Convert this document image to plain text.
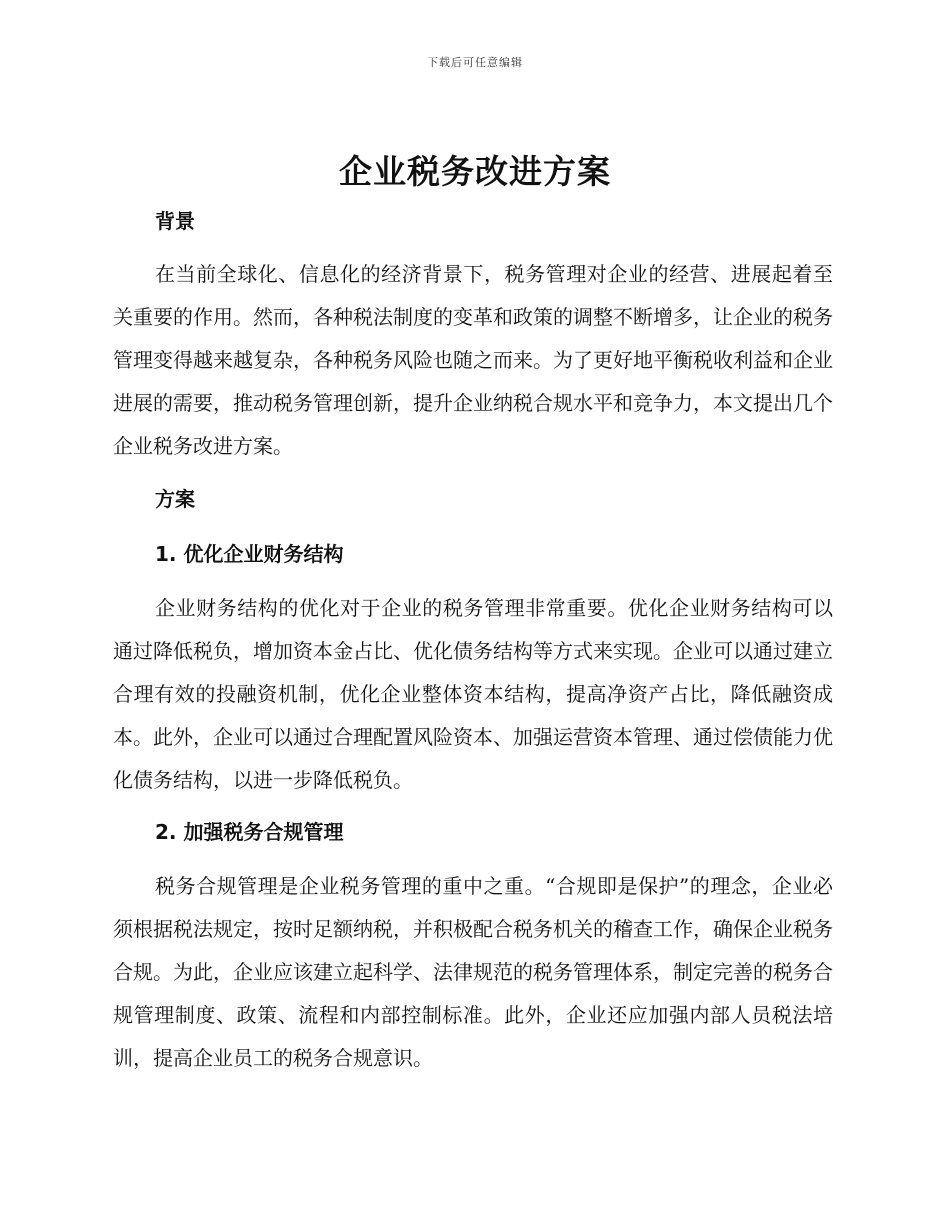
下载后可任意编辑
企业税务改进方案
背景

在当前全球化、信息化的经济背景下，税务管理对企业的经营、进展起着至关重要的作用。然而，各种税法制度的变革和政策的调整不断增多，让企业的税务管理变得越来越复杂，各种税务风险也随之而来。为了更好地平衡税收利益和企业进展的需要，推动税务管理创新，提升企业纳税合规水平和竞争力，本文提出几个企业税务改进方案。

方案
1. 优化企业财务结构

企业财务结构的优化对于企业的税务管理非常重要。优化企业财务结构可以通过降低税负，增加资本金占比、优化债务结构等方式来实现。企业可以通过建立合理有效的投融资机制，优化企业整体资本结构，提高净资产占比，降低融资成本。此外，企业可以通过合理配置风险资本、加强运营资本管理、通过偿债能力优化债务结构，以进一步降低税负。

2. 加强税务合规管理

税务合规管理是企业税务管理的重中之重。“合规即是保护”的理念，企业必须根据税法规定，按时足额纳税，并积极配合税务机关的稽查工作，确保企业税务合规。为此，企业应该建立起科学、法律规范的税务管理体系，制定完善的税务合规管理制度、政策、流程和内部控制标准。此外，企业还应加强内部人员税法培训，提高企业员工的税务合规意识。
